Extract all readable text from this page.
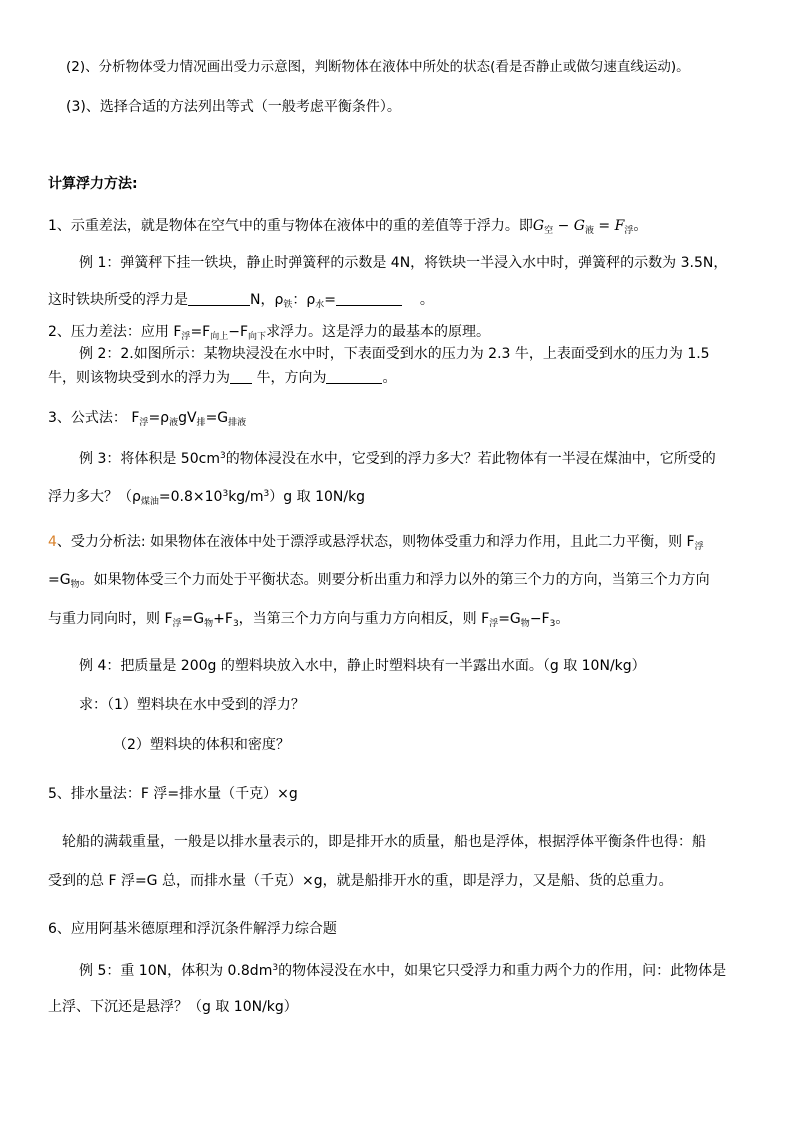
(2)、分析物体受力情况画出受力示意图，判断物体在液体中所处的状态(看是否静止或做匀速直线运动)。
(3)、选择合适的方法列出等式（一般考虑平衡条件）。
计算浮力方法:
1、示重差法，就是物体在空气中的重与物体在液体中的重的差值等于浮力。即$G_空 - G_液 = F_浮$。
例 1：弹簧秤下挂一铁块，静止时弹簧秤的示数是 4N，将铁块一半浸入水中时，弹簧秤的示数为 3.5N，
这时铁块所受的浮力是	N，$\rho_铁$：$\rho_水=$	。
2、压力差法：应用 $F_浮=F_{向上}-F_{向下}$求浮力。这是浮力的最基本的原理。
例 2：2.如图所示：某物块浸没在水中时，下表面受到水的压力为 2.3 牛，上表面受到水的压力为 1.5
牛，则该物块受到水的浮力为 牛，方向为	。
3、公式法： $F_浮=\rho_液gV_排=G_{排液}$
例 3：将体积是 $50cm^3$的物体浸没在水中，它受到的浮力多大？若此物体有一半浸在煤油中，它所受的
浮力多大？$(\rho_{煤油}=0.8\times 10^3kg/m^3)g$ 取 10N/kg
4、受力分析法: 如果物体在液体中处于漂浮或悬浮状态，则物体受重力和浮力作用，且此二力平衡，则 $F_浮$
$=G_物$。如果物体受三个力而处于平衡状态。则要分析出重力和浮力以外的第三个力的方向，当第三个力方向
与重力同向时，则 $F_浮=G_物+F_3$，当第三个力方向与重力方向相反，则 $F_浮=G_物-F_3$。
例 4：把质量是 200g 的塑料块放入水中，静止时塑料块有一半露出水面。（g 取 10N/kg）
求：（1）塑料块在水中受到的浮力？
（2）塑料块的体积和密度？
5、排水量法：F 浮=排水量（千克）×g
轮船的满载重量，一般是以排水量表示的，即是排开水的质量，船也是浮体，根据浮体平衡条件也得：船
受到的总 F 浮=G 总，而排水量（千克）×g，就是船排开水的重，即是浮力，又是船、货的总重力。
6、应用阿基米德原理和浮沉条件解浮力综合题
例 5：重 10N，体积为 $0.8dm^3$的物体浸没在水中，如果它只受浮力和重力两个力的作用，问：此物体是
上浮、下沉还是悬浮？（g 取 10N/kg）
